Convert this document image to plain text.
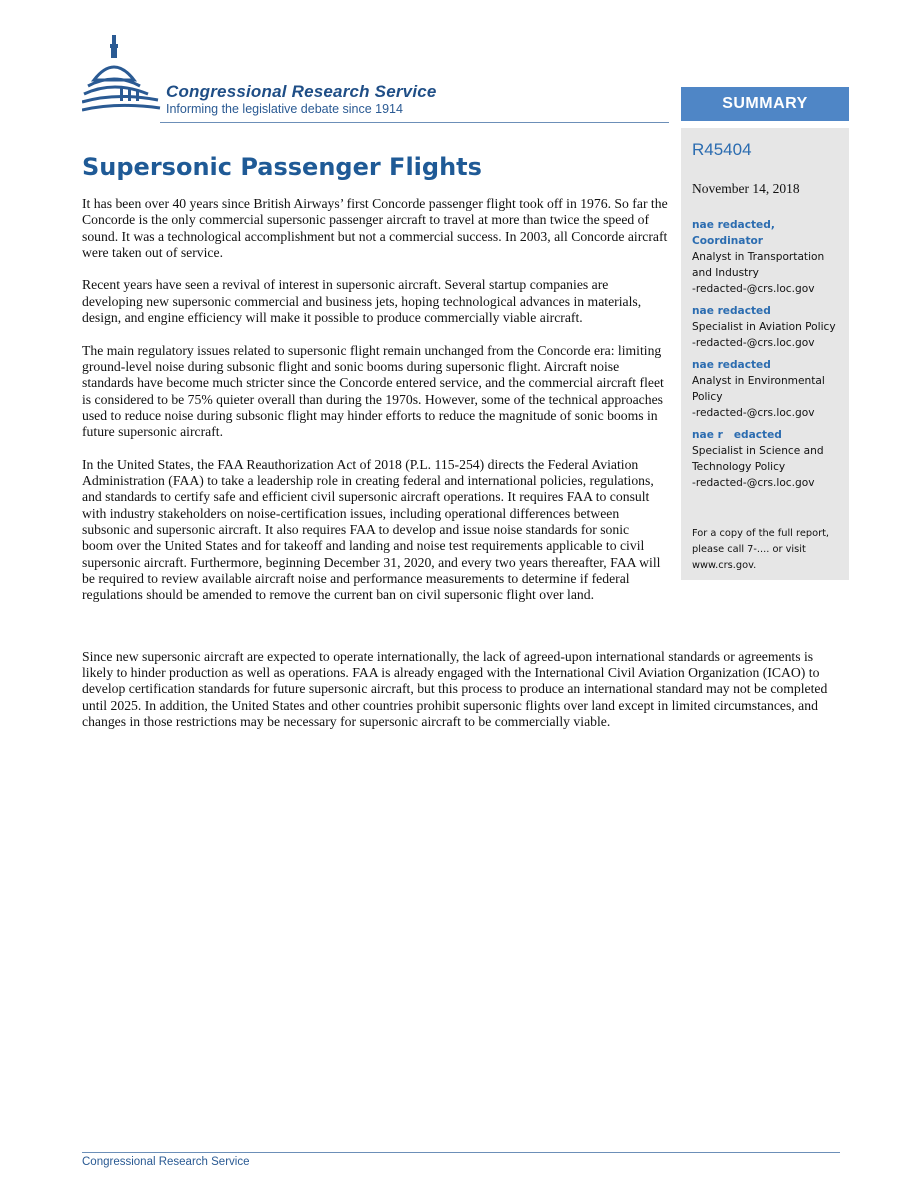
Congressional Research Service
Informing the legislative debate since 1914	SUMMARY
R45404
November 14, 2018
nae redacted,
Coordinator
Analyst in Transportation and Industry
-redacted-@crs.loc.gov
nae redacted
Specialist in Aviation Policy
-redacted-@crs.loc.gov
nae redacted
Analyst in Environmental Policy
-redacted-@crs.loc.gov
nae r   edacted
Specialist in Science and Technology Policy
-redacted-@crs.loc.gov
For a copy of the full report, please call 7-.... or visit www.crs.gov.
Supersonic Passenger Flights

It has been over 40 years since British Airways’ first Concorde passenger flight took off in 1976. So far the Concorde is the only commercial supersonic passenger aircraft to travel at more than twice the speed of sound. It was a technological accomplishment but not a commercial success. In 2003, all Concorde aircraft were taken out of service.

Recent years have seen a revival of interest in supersonic aircraft. Several startup companies are developing new supersonic commercial and business jets, hoping technological advances in materials, design, and engine efficiency will make it possible to produce commercially viable aircraft.

The main regulatory issues related to supersonic flight remain unchanged from the Concorde era: limiting ground-level noise during subsonic flight and sonic booms during supersonic flight. Aircraft noise standards have become much stricter since the Concorde entered service, and the commercial aircraft fleet is considered to be 75% quieter overall than during the 1970s. However, some of the technical approaches used to reduce noise during subsonic flight may hinder efforts to reduce the magnitude of sonic booms in future supersonic aircraft.

In the United States, the FAA Reauthorization Act of 2018 (P.L. 115-254) directs the Federal Aviation Administration (FAA) to take a leadership role in creating federal and international policies, regulations, and standards to certify safe and efficient civil supersonic aircraft operations. It requires FAA to consult with industry stakeholders on noise-certification issues, including operational differences between subsonic and supersonic aircraft. It also requires FAA to develop and issue noise standards for sonic boom over the United States and for takeoff and landing and noise test requirements applicable to civil supersonic aircraft. Furthermore, beginning December 31, 2020, and every two years thereafter, FAA will be required to review available aircraft noise and performance measurements to determine if federal regulations should be amended to remove the current ban on civil supersonic flight over land.

Since new supersonic aircraft are expected to operate internationally, the lack of agreed-upon international standards or agreements is likely to hinder production as well as operations. FAA is already engaged with the International Civil Aviation Organization (ICAO) to develop certification standards for future supersonic aircraft, but this process to produce an international standard may not be completed until 2025. In addition, the United States and other countries prohibit supersonic flights over land except in limited circumstances, and changes in those restrictions may be necessary for supersonic aircraft to be commercially viable.

Congressional Research Service
